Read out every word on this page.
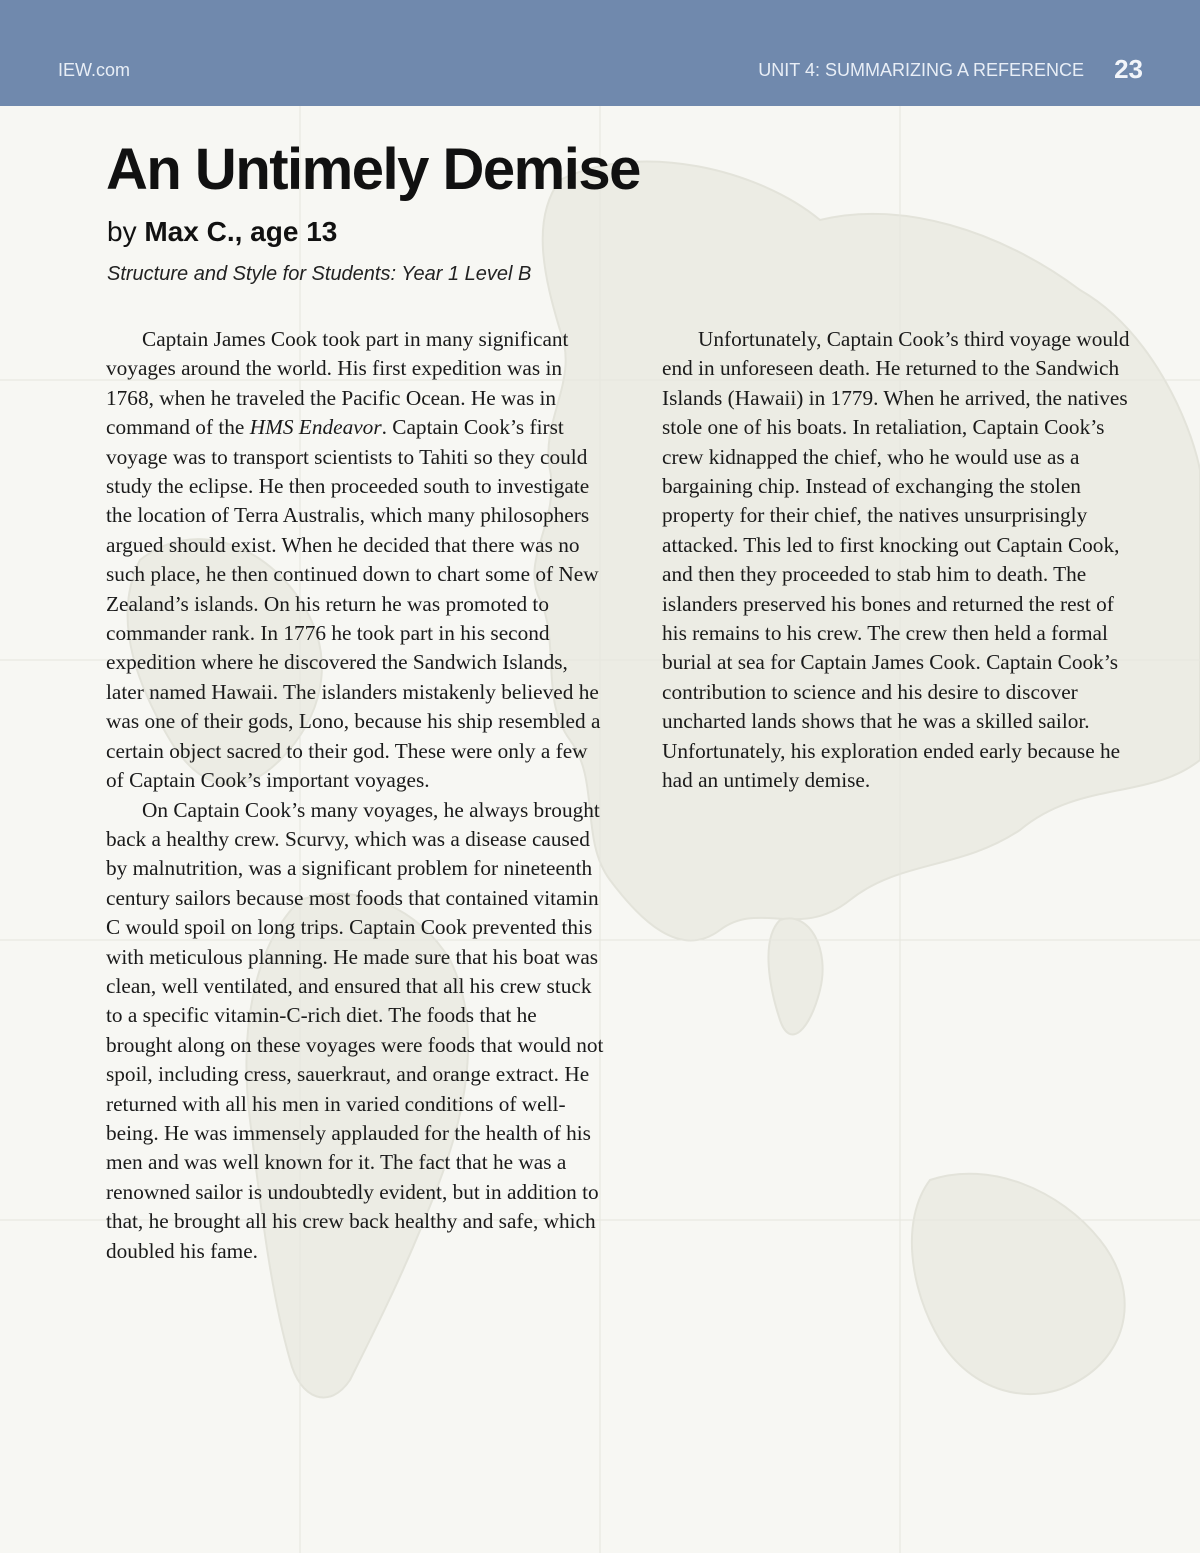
IEW.com	UNIT 4: SUMMARIZING A REFERENCE 23
An Untimely Demise
by Max C., age 13
Structure and Style for Students: Year 1 Level B

Captain James Cook took part in many significant voyages around the world. His first expedition was in 1768, when he traveled the Pacific Ocean. He was in command of the HMS Endeavor. Captain Cook’s first voyage was to transport scientists to Tahiti so they could study the eclipse. He then proceeded south to investigate the location of Terra Australis, which many philosophers argued should exist. When he decided that there was no such place, he then continued down to chart some of New Zealand’s islands. On his return he was promoted to commander rank. In 1776 he took part in his second expedition where he discovered the Sandwich Islands, later named Hawaii. The islanders mistakenly believed he was one of their gods, Lono, because his ship resembled a certain object sacred to their god. These were only a few of Captain Cook’s important voyages.

On Captain Cook’s many voyages, he always brought back a healthy crew. Scurvy, which was a disease caused by malnutrition, was a significant problem for nineteenth century sailors because most foods that contained vitamin C would spoil on long trips. Captain Cook prevented this with meticulous planning. He made sure that his boat was clean, well ventilated, and ensured that all his crew stuck to a specific vitamin-C-rich diet. The foods that he brought along on these voyages were foods that would not spoil, including cress, sauerkraut, and orange extract. He returned with all his men in varied conditions of well-being. He was immensely applauded for the health of his men and was well known for it. The fact that he was a renowned sailor is undoubtedly evident, but in addition to that, he brought all his crew back healthy and safe, which doubled his fame.

Unfortunately, Captain Cook’s third voyage would end in unforeseen death. He returned to the Sandwich Islands (Hawaii) in 1779. When he arrived, the natives stole one of his boats. In retaliation, Captain Cook’s crew kidnapped the chief, who he would use as a bargaining chip. Instead of exchanging the stolen property for their chief, the natives unsurprisingly attacked. This led to first knocking out Captain Cook, and then they proceeded to stab him to death. The islanders preserved his bones and returned the rest of his remains to his crew. The crew then held a formal burial at sea for Captain James Cook. Captain Cook’s contribution to science and his desire to discover uncharted lands shows that he was a skilled sailor. Unfortunately, his exploration ended early because he had an untimely demise.
